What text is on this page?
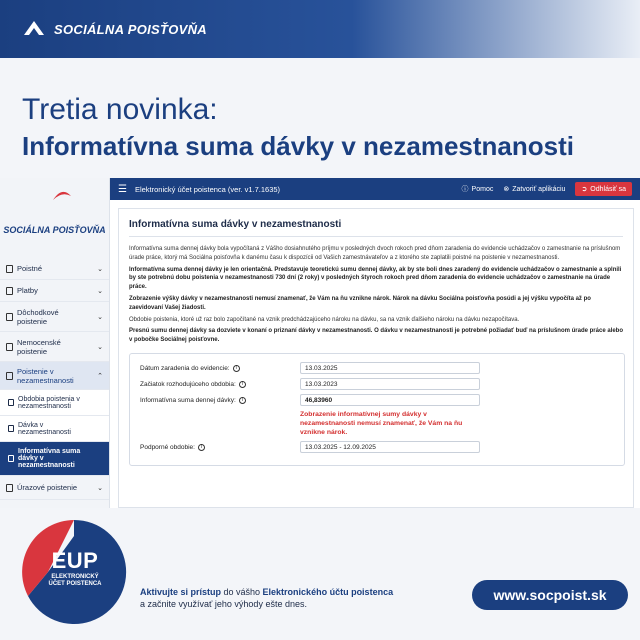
SOCIÁLNA POISŤOVŇA
Tretia novinka:
Informatívna suma dávky v nezamestnanosti
SOCIÁLNA POISŤOVŇA
Poistné	⌄
Platby	⌄
Dôchodkové poistenie	⌄
Nemocenské poistenie	⌄
Poistenie v nezamestnanosti	⌃
Obdobia poistenia v nezamestnanosti
Dávka v nezamestnanosti
Informatívna suma dávky v nezamestnanosti
Úrazové poistenie	⌄
☰ Elektronický účet poistenca (ver. v1.7.1635)	ⓘ Pomoc ⊗ Zatvoriť aplikáciu ➲ Odhlásiť sa
Informatívna suma dávky v nezamestnanosti

Informatívna suma dennej dávky bola vypočítaná z Vášho dosiahnutého príjmu v posledných dvoch rokoch pred dňom zaradenia do evidencie uchádzačov o zamestnanie na príslušnom úrade práce, ktorý má Sociálna poisťovňa k danému času k dispozícii od Vašich zamestnávateľov a z ktorého ste zaplatili poistné na poistenie v nezamestnanosti.

Informatívna suma dennej dávky je len orientačná. Predstavuje teoretickú sumu dennej dávky, ak by ste boli dnes zaradený do evidencie uchádzačov o zamestnanie a splnili by ste potrebnú dobu poistenia v nezamestnanosti 730 dní (2 roky) v posledných štyroch rokoch pred dňom zaradenia do evidencie uchádzačov o zamestnanie na úrade práce.

Zobrazenie výšky dávky v nezamestnanosti nemusí znamenať, že Vám na ňu vznikne nárok. Nárok na dávku Sociálna poisťovňa posúdi a jej výšku vypočíta až po zaevidovaní Vašej žiadosti.

Obdobie poistenia, ktoré už raz bolo započítané na vznik predchádzajúceho nároku na dávku, sa na vznik ďalšieho nároku na dávku nezapočítava.

Presnú sumu dennej dávky sa dozviete v konaní o priznaní dávky v nezamestnanosti. O dávku v nezamestnanosti je potrebné požiadať buď na príslušnom úrade práce alebo v pobočke Sociálnej poisťovne.

Dátum zaradenia do evidencie:	i	13.03.2025
Začiatok rozhodujúceho obdobia:	i	13.03.2023
Informatívna suma dennej dávky:	i	46,83960
Zobrazenie informatívnej sumy dávky v nezamestnanosti nemusí znamenať, že Vám na ňu vznikne nárok.
Podporné obdobie:	i	13.03.2025 - 12.09.2025
EUP
ELEKTRONICKÝ
ÚČET POISTENCA
Aktivujte si prístup do vášho Elektronického účtu poistenca
a začnite využívať jeho výhody ešte dnes.
www.socpoist.sk
